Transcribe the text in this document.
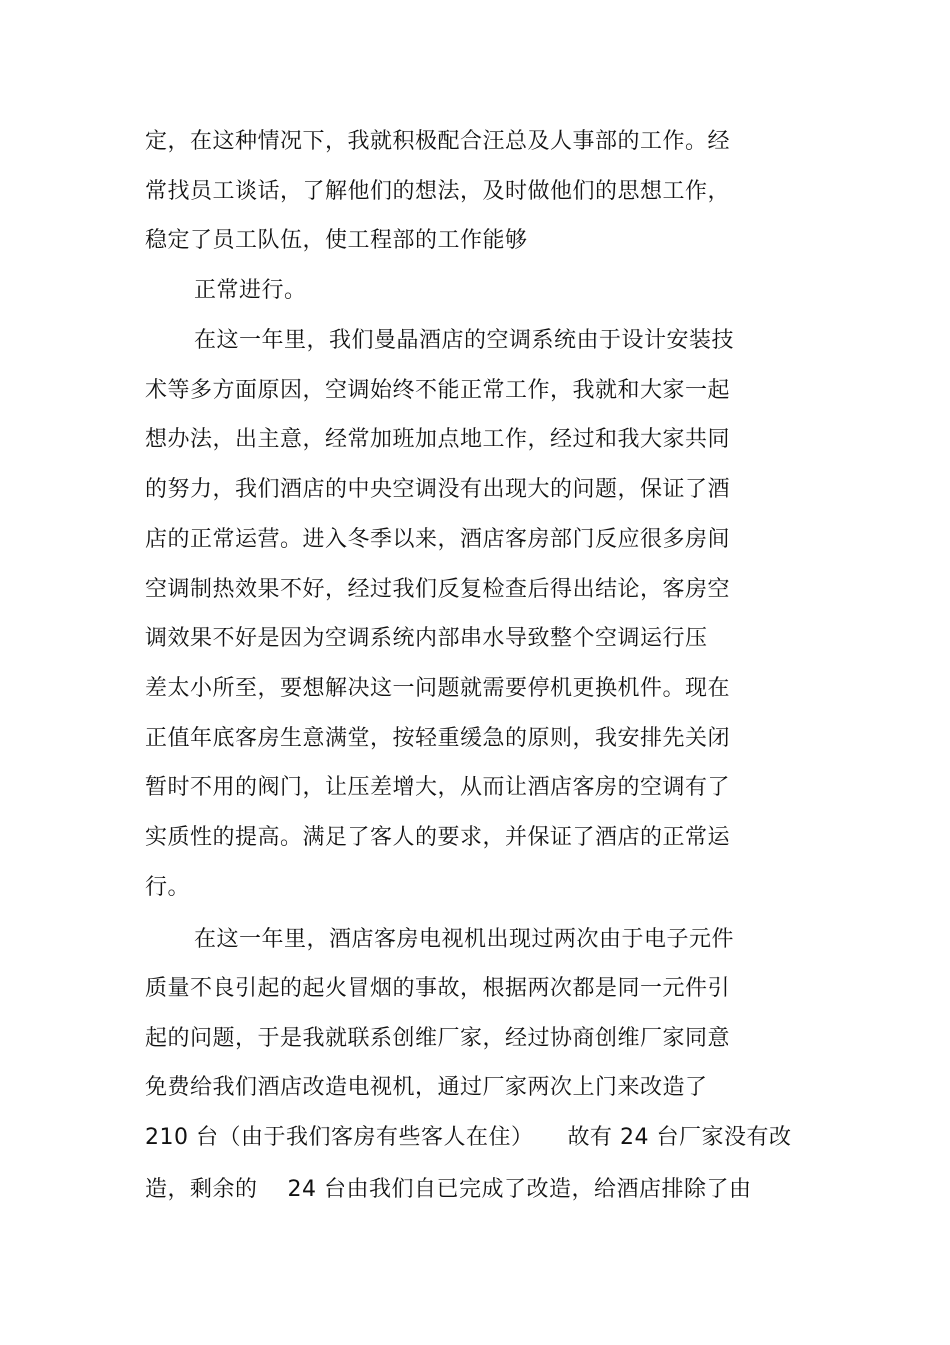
定，在这种情况下，我就积极配合汪总及人事部的工作。经
常找员工谈话，了解他们的想法，及时做他们的思想工作，
稳定了员工队伍，使工程部的工作能够
正常进行。
在这一年里，我们曼晶酒店的空调系统由于设计安装技
术等多方面原因，空调始终不能正常工作，我就和大家一起
想办法，出主意，经常加班加点地工作，经过和我大家共同
的努力，我们酒店的中央空调没有出现大的问题，保证了酒
店的正常运营。进入冬季以来，酒店客房部门反应很多房间
空调制热效果不好，经过我们反复检查后得出结论，客房空
调效果不好是因为空调系统内部串水导致整个空调运行压
差太小所至，要想解决这一问题就需要停机更换机件。现在
正值年底客房生意满堂，按轻重缓急的原则，我安排先关闭
暂时不用的阀门，让压差增大，从而让酒店客房的空调有了
实质性的提高。满足了客人的要求，并保证了酒店的正常运
行。
在这一年里，酒店客房电视机出现过两次由于电子元件
质量不良引起的起火冒烟的事故，根据两次都是同一元件引
起的问题，于是我就联系创维厂家，经过协商创维厂家同意
免费给我们酒店改造电视机，通过厂家两次上门来改造了
210 台（由于我们客房有些客人在住）　　故有 24 台厂家没有改
造，剩余的　 24 台由我们自已完成了改造，给酒店排除了由
